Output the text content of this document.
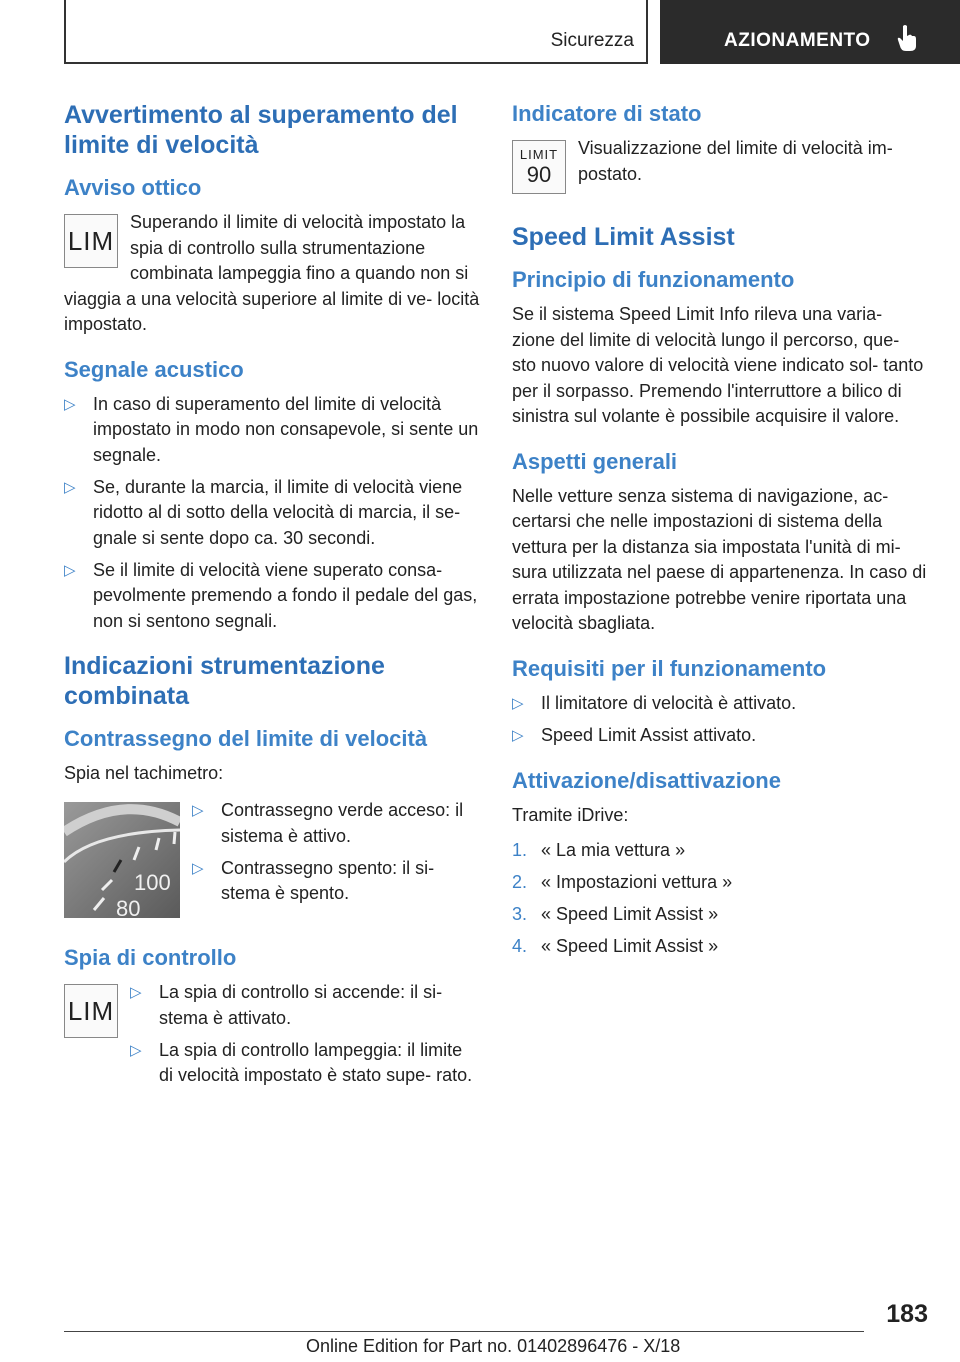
Sicurezza	AZIONAMENTO
Avvertimento al superamento del limite di velocità
Avviso ottico
LIM

Superando il limite di velocità impostato la spia di controllo sulla strumentazione combinata lampeggia fino a quando non si viaggia a una velocità superiore al limite di ve- locità impostato.

Segnale acustico
▷ In caso di superamento del limite di velocità impostato in modo non consapevole, si sente un segnale.
▷ Se, durante la marcia, il limite di velocità viene ridotto al di sotto della velocità di marcia, il se- gnale si sente dopo ca. 30 secondi.
▷ Se il limite di velocità viene superato consa- pevolmente premendo a fondo il pedale del gas, non si sentono segnali.
Indicazioni strumentazione combinata
Contrassegno del limite di velocità

Spia nel tachimetro:

100
80
▷ Contrassegno verde acceso: il sistema è attivo.
▷ Contrassegno spento: il si- stema è spento.
Spia di controllo
LIM
▷ La spia di controllo si accende: il si- stema è attivato.
▷ La spia di controllo lampeggia: il limite di velocità impostato è stato supe- rato.
Indicatore di stato
LIMIT
90

Visualizzazione del limite di velocità im- postato.

Speed Limit Assist
Principio di funzionamento

Se il sistema Speed Limit Info rileva una varia- zione del limite di velocità lungo il percorso, que- sto nuovo valore di velocità viene indicato sol- tanto per il sorpasso. Premendo l'interruttore a bilico di sinistra sul volante è possibile acquisire il valore.

Aspetti generali

Nelle vetture senza sistema di navigazione, ac- certarsi che nelle impostazioni di sistema della vettura per la distanza sia impostata l'unità di mi- sura utilizzata nel paese di appartenenza. In caso di errata impostazione potrebbe venire riportata una velocità sbagliata.

Requisiti per il funzionamento
▷ Il limitatore di velocità è attivato.
▷ Speed Limit Assist attivato.
Attivazione/disattivazione

Tramite iDrive:

1. « La mia vettura »
2. « Impostazioni vettura »
3. « Speed Limit Assist »
4. « Speed Limit Assist »
183
Online Edition for Part no. 01402896476 - X/18
